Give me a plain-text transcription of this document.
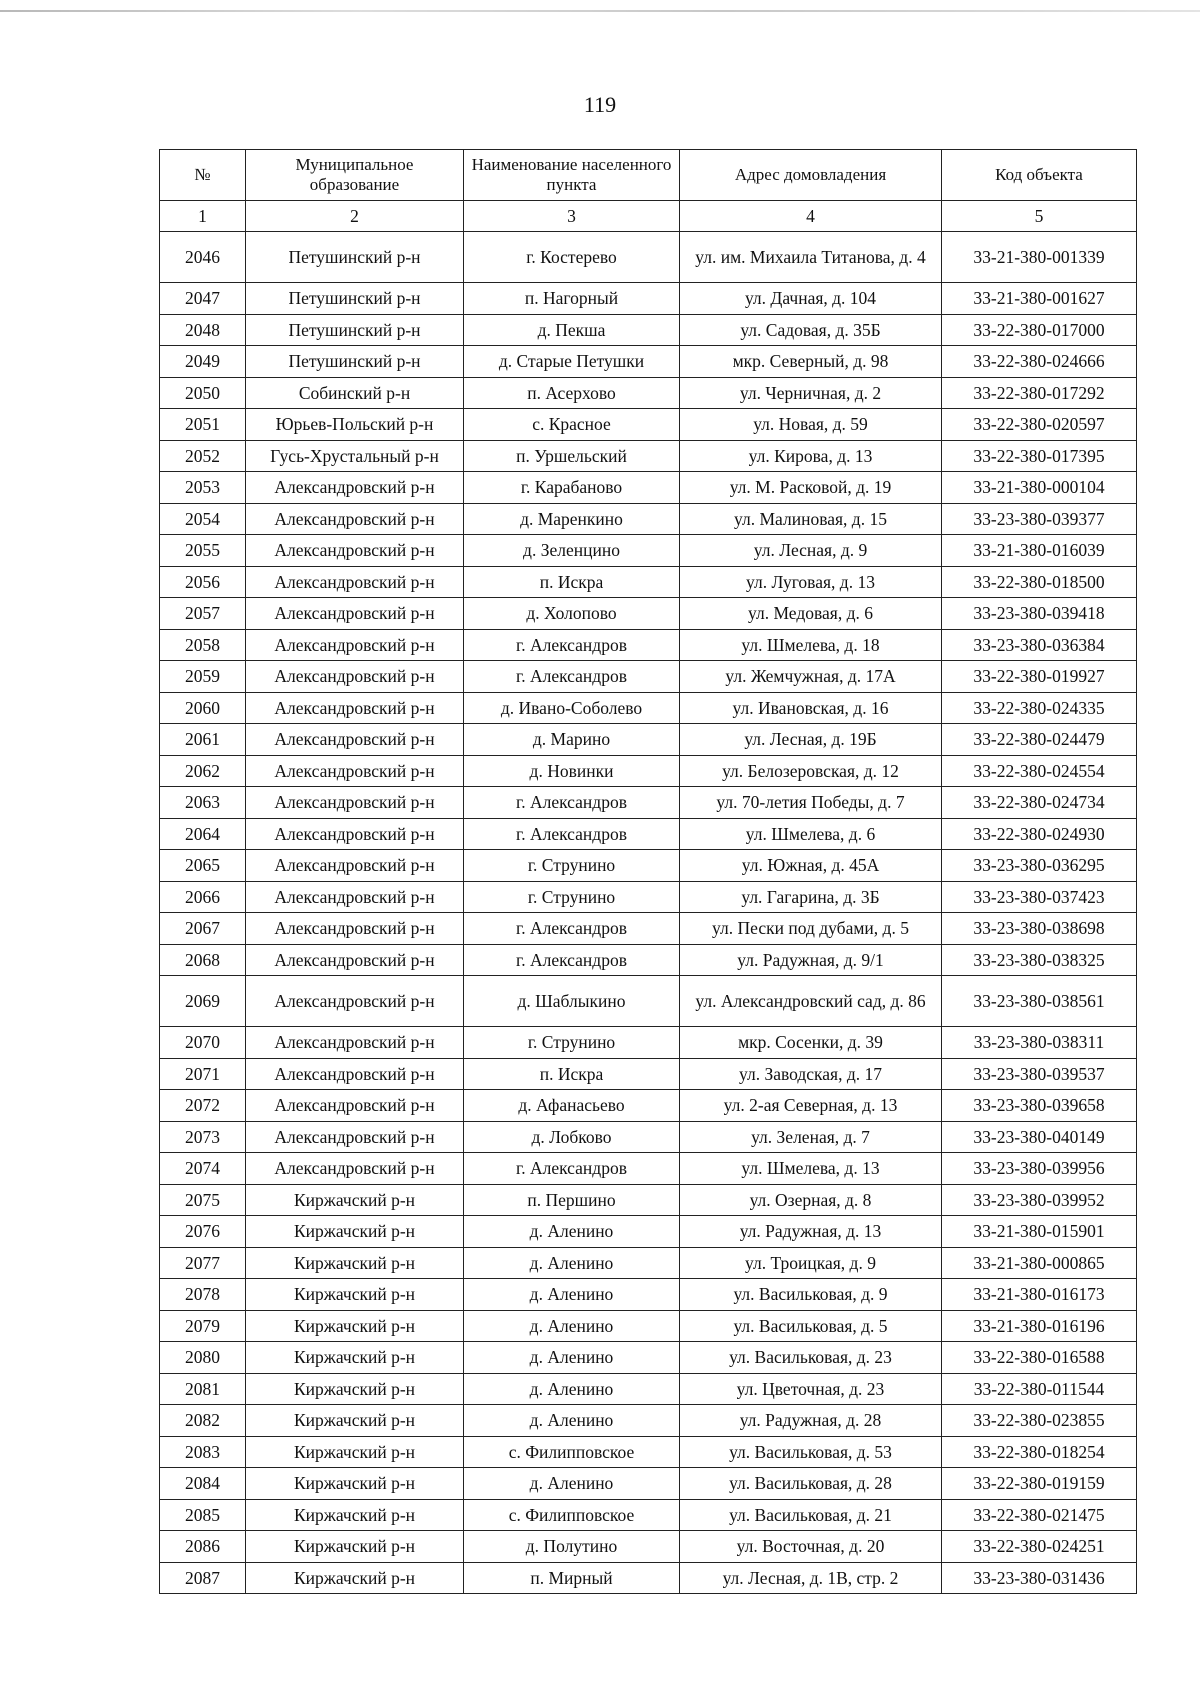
119
№	Муниципальное образование	Наименование населенного пункта	Адрес домовладения	Код объекта
1	2	3	4	5
2046	Петушинский р-н	г. Костерево	ул. им. Михаила Титанова, д. 4	33-21-380-001339
2047	Петушинский р-н	п. Нагорный	ул. Дачная, д. 104	33-21-380-001627
2048	Петушинский р-н	д. Пекша	ул. Садовая, д. 35Б	33-22-380-017000
2049	Петушинский р-н	д. Старые Петушки	мкр. Северный, д. 98	33-22-380-024666
2050	Собинский р-н	п. Асерхово	ул. Черничная, д. 2	33-22-380-017292
2051	Юрьев-Польский р-н	с. Красное	ул. Новая, д. 59	33-22-380-020597
2052	Гусь-Хрустальный р-н	п. Уршельский	ул. Кирова, д. 13	33-22-380-017395
2053	Александровский р-н	г. Карабаново	ул. М. Расковой, д. 19	33-21-380-000104
2054	Александровский р-н	д. Маренкино	ул. Малиновая, д. 15	33-23-380-039377
2055	Александровский р-н	д. Зеленцино	ул. Лесная, д. 9	33-21-380-016039
2056	Александровский р-н	п. Искра	ул. Луговая, д. 13	33-22-380-018500
2057	Александровский р-н	д. Холопово	ул. Медовая, д. 6	33-23-380-039418
2058	Александровский р-н	г. Александров	ул. Шмелева, д. 18	33-23-380-036384
2059	Александровский р-н	г. Александров	ул. Жемчужная, д. 17А	33-22-380-019927
2060	Александровский р-н	д. Ивано-Соболево	ул. Ивановская, д. 16	33-22-380-024335
2061	Александровский р-н	д. Марино	ул. Лесная, д. 19Б	33-22-380-024479
2062	Александровский р-н	д. Новинки	ул. Белозеровская, д. 12	33-22-380-024554
2063	Александровский р-н	г. Александров	ул. 70-летия Победы, д. 7	33-22-380-024734
2064	Александровский р-н	г. Александров	ул. Шмелева, д. 6	33-22-380-024930
2065	Александровский р-н	г. Струнино	ул. Южная, д. 45А	33-23-380-036295
2066	Александровский р-н	г. Струнино	ул. Гагарина, д. 3Б	33-23-380-037423
2067	Александровский р-н	г. Александров	ул. Пески под дубами, д. 5	33-23-380-038698
2068	Александровский р-н	г. Александров	ул. Радужная, д. 9/1	33-23-380-038325
2069	Александровский р-н	д. Шаблыкино	ул. Александровский сад, д. 86	33-23-380-038561
2070	Александровский р-н	г. Струнино	мкр. Сосенки, д. 39	33-23-380-038311
2071	Александровский р-н	п. Искра	ул. Заводская, д. 17	33-23-380-039537
2072	Александровский р-н	д. Афанасьево	ул. 2-ая Северная, д. 13	33-23-380-039658
2073	Александровский р-н	д. Лобково	ул. Зеленая, д. 7	33-23-380-040149
2074	Александровский р-н	г. Александров	ул. Шмелева, д. 13	33-23-380-039956
2075	Киржачский р-н	п. Першино	ул. Озерная, д. 8	33-23-380-039952
2076	Киржачский р-н	д. Аленино	ул. Радужная, д. 13	33-21-380-015901
2077	Киржачский р-н	д. Аленино	ул. Троицкая, д. 9	33-21-380-000865
2078	Киржачский р-н	д. Аленино	ул. Васильковая, д. 9	33-21-380-016173
2079	Киржачский р-н	д. Аленино	ул. Васильковая, д. 5	33-21-380-016196
2080	Киржачский р-н	д. Аленино	ул. Васильковая, д. 23	33-22-380-016588
2081	Киржачский р-н	д. Аленино	ул. Цветочная, д. 23	33-22-380-011544
2082	Киржачский р-н	д. Аленино	ул. Радужная, д. 28	33-22-380-023855
2083	Киржачский р-н	с. Филипповское	ул. Васильковая, д. 53	33-22-380-018254
2084	Киржачский р-н	д. Аленино	ул. Васильковая, д. 28	33-22-380-019159
2085	Киржачский р-н	с. Филипповское	ул. Васильковая, д. 21	33-22-380-021475
2086	Киржачский р-н	д. Полутино	ул. Восточная, д. 20	33-22-380-024251
2087	Киржачский р-н	п. Мирный	ул. Лесная, д. 1В, стр. 2	33-23-380-031436
